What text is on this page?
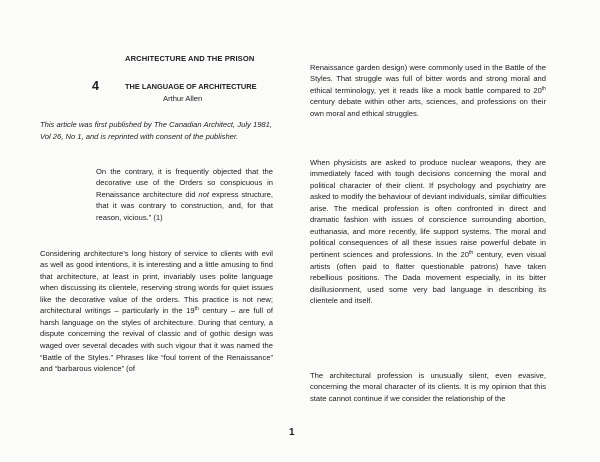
ARCHITECTURE AND THE PRISON
4	THE LANGUAGE OF ARCHITECTURE
Arthur Allen

This article was first published by The Canadian Architect, July 1981, Vol 26, No 1, and is reprinted with consent of the publisher.

On the contrary, it is frequently objected that the decorative use of the Orders so conspicuous in Renaissance architecture did not express structure, that it was contrary to construction, and, for that reason, vicious.” (1)

Considering architecture’s long history of service to clients with evil as well as good intentions, it is interesting and a little amusing to find that architecture, at least in print, invariably uses polite language when discussing its clientele, reserving strong words for quiet issues like the decorative value of the orders. This practice is not new; architectural writings – particularly in the 19th century – are full of harsh language on the styles of architecture. During that century, a dispute concerning the revival of classic and of gothic design was waged over several decades with such vigour that it was named the “Battle of the Styles.” Phrases like “foul torrent of the Renaissance” and “barbarous violence” (of

Renaissance garden design) were commonly used in the Battle of the Styles. That struggle was full of bitter words and strong moral and ethical terminology, yet it reads like a mock battle compared to 20th century debate within other arts, sciences, and professions on their own moral and ethical struggles.

When physicists are asked to produce nuclear weapons, they are immediately faced with tough decisions concerning the moral and political character of their client. If psychology and psychiatry are asked to modify the behaviour of deviant individuals, similar difficulties arise. The medical profession is often confronted in direct and dramatic fashion with issues of conscience surrounding abortion, euthanasia, and more recently, life support systems. The moral and political consequences of all these issues raise powerful debate in pertinent sciences and professions. In the 20th century, even visual artists (often paid to flatter questionable patrons) have taken rebellious positions. The Dada movement especially, in its bitter disillusionment, used some very bad language in describing its clientele and itself.

The architectural profession is unusually silent, even evasive, concerning the moral character of its clients. It is my opinion that this state cannot continue if we consider the relationship of the

1
